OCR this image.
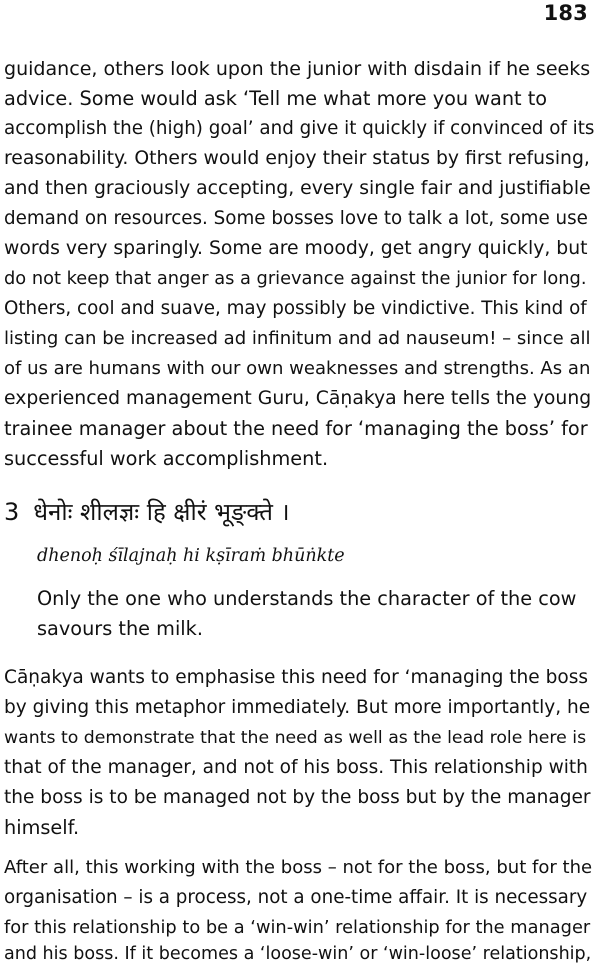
183
guidance, others look upon the junior with disdain if he seeks
advice. Some would ask ‘Tell me what more you want to
accomplish the (high) goal’ and give it quickly if convinced of its
reasonability. Others would enjoy their status by first refusing,
and then graciously accepting, every single fair and justifiable
demand on resources. Some bosses love to talk a lot, some use
words very sparingly. Some are moody, get angry quickly, but
do not keep that anger as a grievance against the junior for long.
Others, cool and suave, may possibly be vindictive. This kind of
listing can be increased ad infinitum and ad nauseum! – since all
of us are humans with our own weaknesses and strengths. As an
experienced management Guru, Cāṇakya here tells the young
trainee manager about the need for ‘managing the boss’ for
successful work accomplishment.
3 धेनोः शीलज्ञः हि क्षीरं भूङ्क्ते ।
dhenoḥ śīlajnaḥ hi kṣīraṁ bhūṅkte
Only the one who understands the character of the cow
savours the milk.
Cāṇakya wants to emphasise this need for ‘managing the boss
by giving this metaphor immediately. But more importantly, he
wants to demonstrate that the need as well as the lead role here is
that of the manager, and not of his boss. This relationship with
the boss is to be managed not by the boss but by the manager
himself.
After all, this working with the boss – not for the boss, but for the
organisation – is a process, not a one-time affair. It is necessary
for this relationship to be a ‘win-win’ relationship for the manager
and his boss. If it becomes a ‘loose-win’ or ‘win-loose’ relationship,
